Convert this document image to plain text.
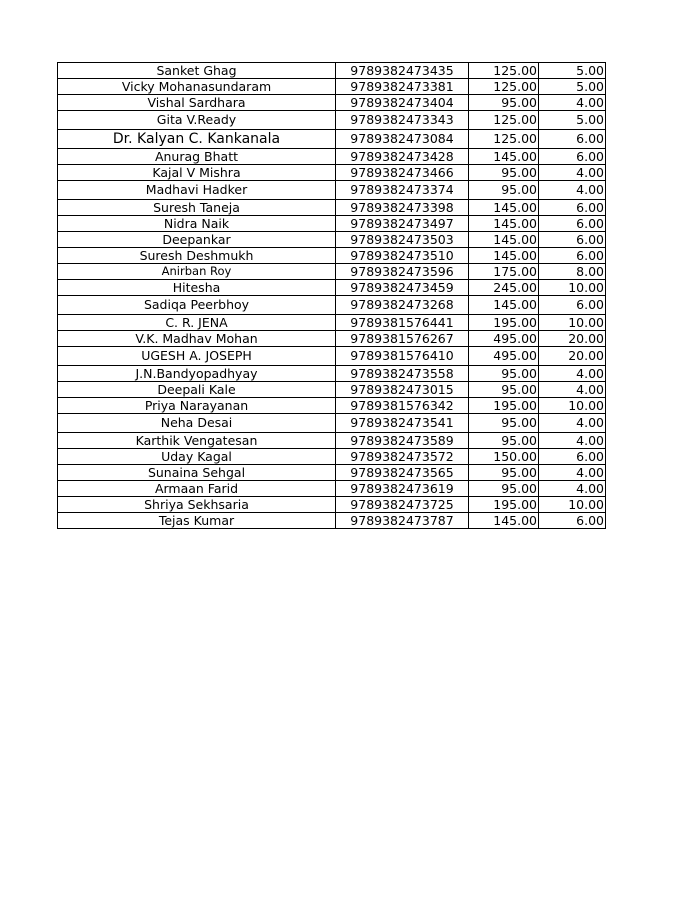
Sanket Ghag	9789382473435	125.00	5.00
Vicky Mohanasundaram	9789382473381	125.00	5.00
Vishal Sardhara	9789382473404	95.00	4.00
Gita V.Ready	9789382473343	125.00	5.00
Dr. Kalyan C. Kankanala	9789382473084	125.00	6.00
Anurag Bhatt	9789382473428	145.00	6.00
Kajal V Mishra	9789382473466	95.00	4.00
Madhavi Hadker	9789382473374	95.00	4.00
Suresh Taneja	9789382473398	145.00	6.00
Nidra Naik	9789382473497	145.00	6.00
Deepankar	9789382473503	145.00	6.00
Suresh Deshmukh	9789382473510	145.00	6.00
Anirban Roy	9789382473596	175.00	8.00
Hitesha	9789382473459	245.00	10.00
Sadiqa Peerbhoy	9789382473268	145.00	6.00
C. R. JENA	9789381576441	195.00	10.00
V.K. Madhav Mohan	9789381576267	495.00	20.00
UGESH A. JOSEPH	9789381576410	495.00	20.00
J.N.Bandyopadhyay	9789382473558	95.00	4.00
Deepali Kale	9789382473015	95.00	4.00
Priya Narayanan	9789381576342	195.00	10.00
Neha Desai	9789382473541	95.00	4.00
Karthik Vengatesan	9789382473589	95.00	4.00
Uday Kagal	9789382473572	150.00	6.00
Sunaina Sehgal	9789382473565	95.00	4.00
Armaan Farid	9789382473619	95.00	4.00
Shriya Sekhsaria	9789382473725	195.00	10.00
Tejas Kumar	9789382473787	145.00	6.00
